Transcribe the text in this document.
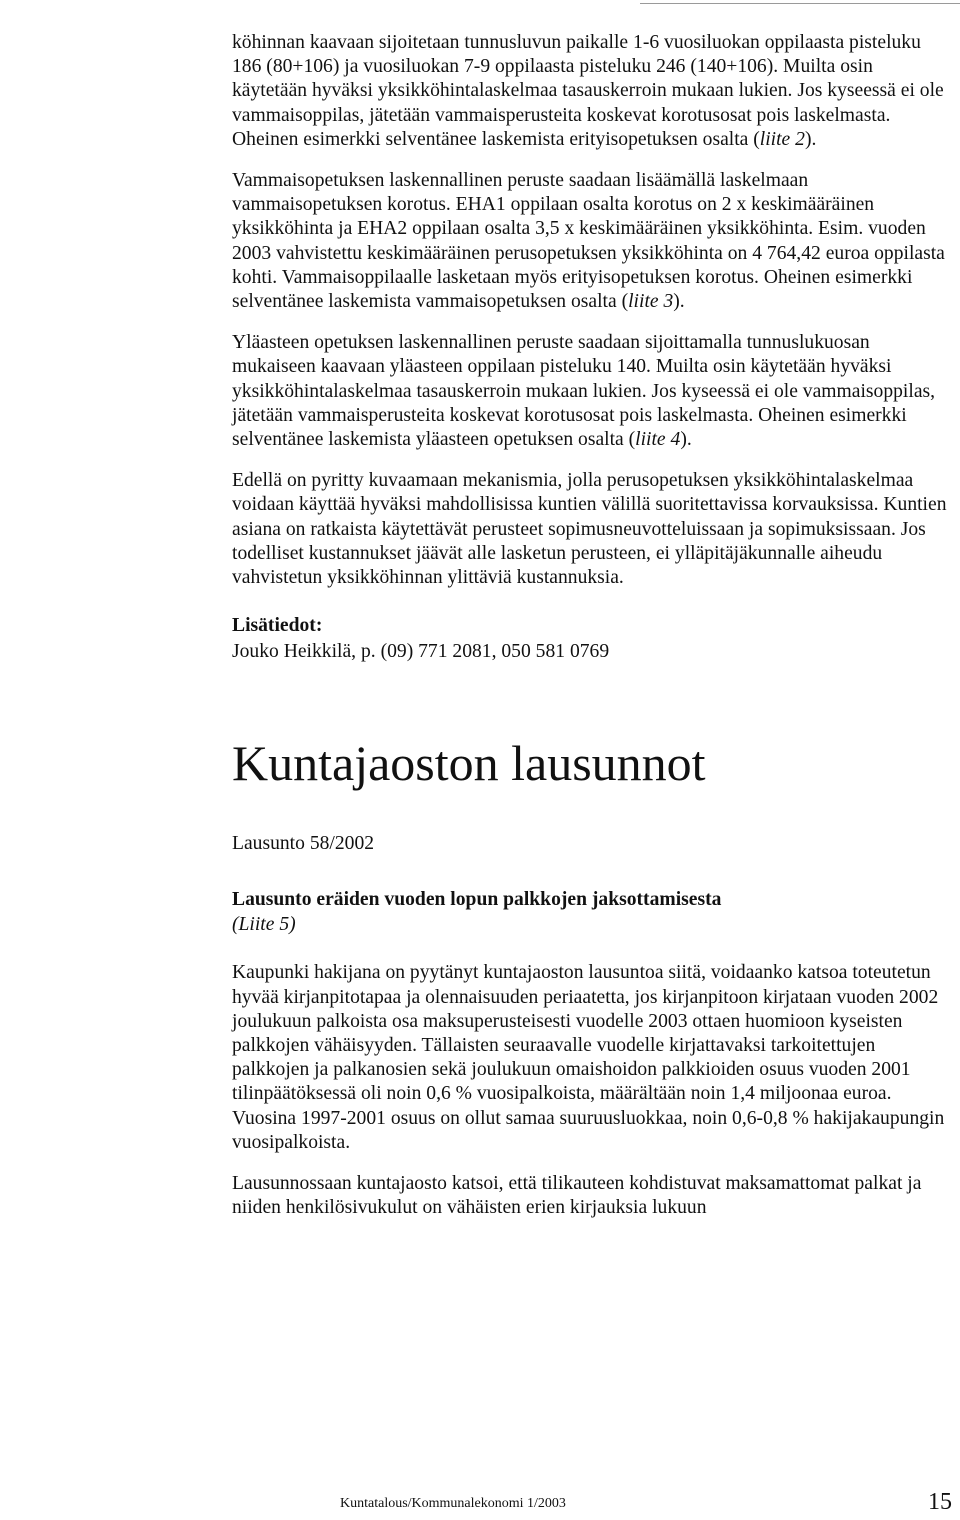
köhinnan kaavaan sijoitetaan tunnusluvun paikalle 1-6 vuosiluokan oppilaasta pisteluku 186 (80+106) ja vuosiluokan 7-9 oppilaasta pisteluku 246 (140+106). Muilta osin käytetään hyväksi yksikköhintalaskelmaa tasauskerroin mukaan lukien. Jos kyseessä ei ole vammaisoppilas, jätetään vammaisperusteita koskevat korotusosat pois laskelmasta. Oheinen esimerkki selventänee laskemista erityisopetuksen osalta (liite 2).

Vammaisopetuksen laskennallinen peruste saadaan lisäämällä laskelmaan vammaisopetuksen korotus. EHA1 oppilaan osalta korotus on 2 x keskimääräinen yksikköhinta ja EHA2 oppilaan osalta 3,5 x keskimääräinen yksikköhinta. Esim. vuoden 2003 vahvistettu keskimääräinen perusopetuksen yksikköhinta on 4 764,42 euroa oppilasta kohti. Vammaisoppilaalle lasketaan myös erityisopetuksen korotus. Oheinen esimerkki selventänee laskemista vammaisopetuksen osalta (liite 3).

Yläasteen opetuksen laskennallinen peruste saadaan sijoittamalla tunnuslukuosan mukaiseen kaavaan yläasteen oppilaan pisteluku 140. Muilta osin käytetään hyväksi yksikköhintalaskelmaa tasauskerroin mukaan lukien. Jos kyseessä ei ole vammaisoppilas, jätetään vammaisperusteita koskevat korotusosat pois laskelmasta. Oheinen esimerkki selventänee laskemista yläasteen opetuksen osalta (liite 4).

Edellä on pyritty kuvaamaan mekanismia, jolla perusopetuksen yksikköhintalaskelmaa voidaan käyttää hyväksi mahdollisissa kuntien välillä suoritettavissa korvauksissa. Kuntien asiana on ratkaista käytettävät perusteet sopimusneuvotteluissaan ja sopimuksissaan. Jos todelliset kustannukset jäävät alle lasketun perusteen, ei ylläpitäjäkunnalle aiheudu vahvistetun yksikköhinnan ylittäviä kustannuksia.

Lisätiedot:

Jouko Heikkilä, p. (09) 771 2081, 050 581 0769

Kuntajaoston lausunnot

Lausunto 58/2002

Lausunto eräiden vuoden lopun palkkojen jaksottamisesta

(Liite 5)

Kaupunki hakijana on pyytänyt kuntajaoston lausuntoa siitä, voidaanko katsoa toteutetun hyvää kirjanpitotapaa ja olennaisuuden periaatetta, jos kirjanpitoon kirjataan vuoden 2002 joulukuun palkoista osa maksuperusteisesti vuodelle 2003 ottaen huomioon kyseisten palkkojen vähäisyyden. Tällaisten seuraavalle vuodelle kirjattavaksi tarkoitettujen palkkojen ja palkanosien sekä joulukuun omaishoidon palkkioiden osuus vuoden 2001 tilinpäätöksessä oli noin 0,6 % vuosipalkoista, määrältään noin 1,4 miljoonaa euroa. Vuosina 1997-2001 osuus on ollut samaa suuruusluokkaa, noin 0,6-0,8 % hakijakaupungin vuosipalkoista.

Lausunnossaan kuntajaosto katsoi, että tilikauteen kohdistuvat maksamattomat palkat ja niiden henkilösivukulut on vähäisten erien kirjauksia lukuun

Kuntatalous/Kommunalekonomi 1/2003	15
